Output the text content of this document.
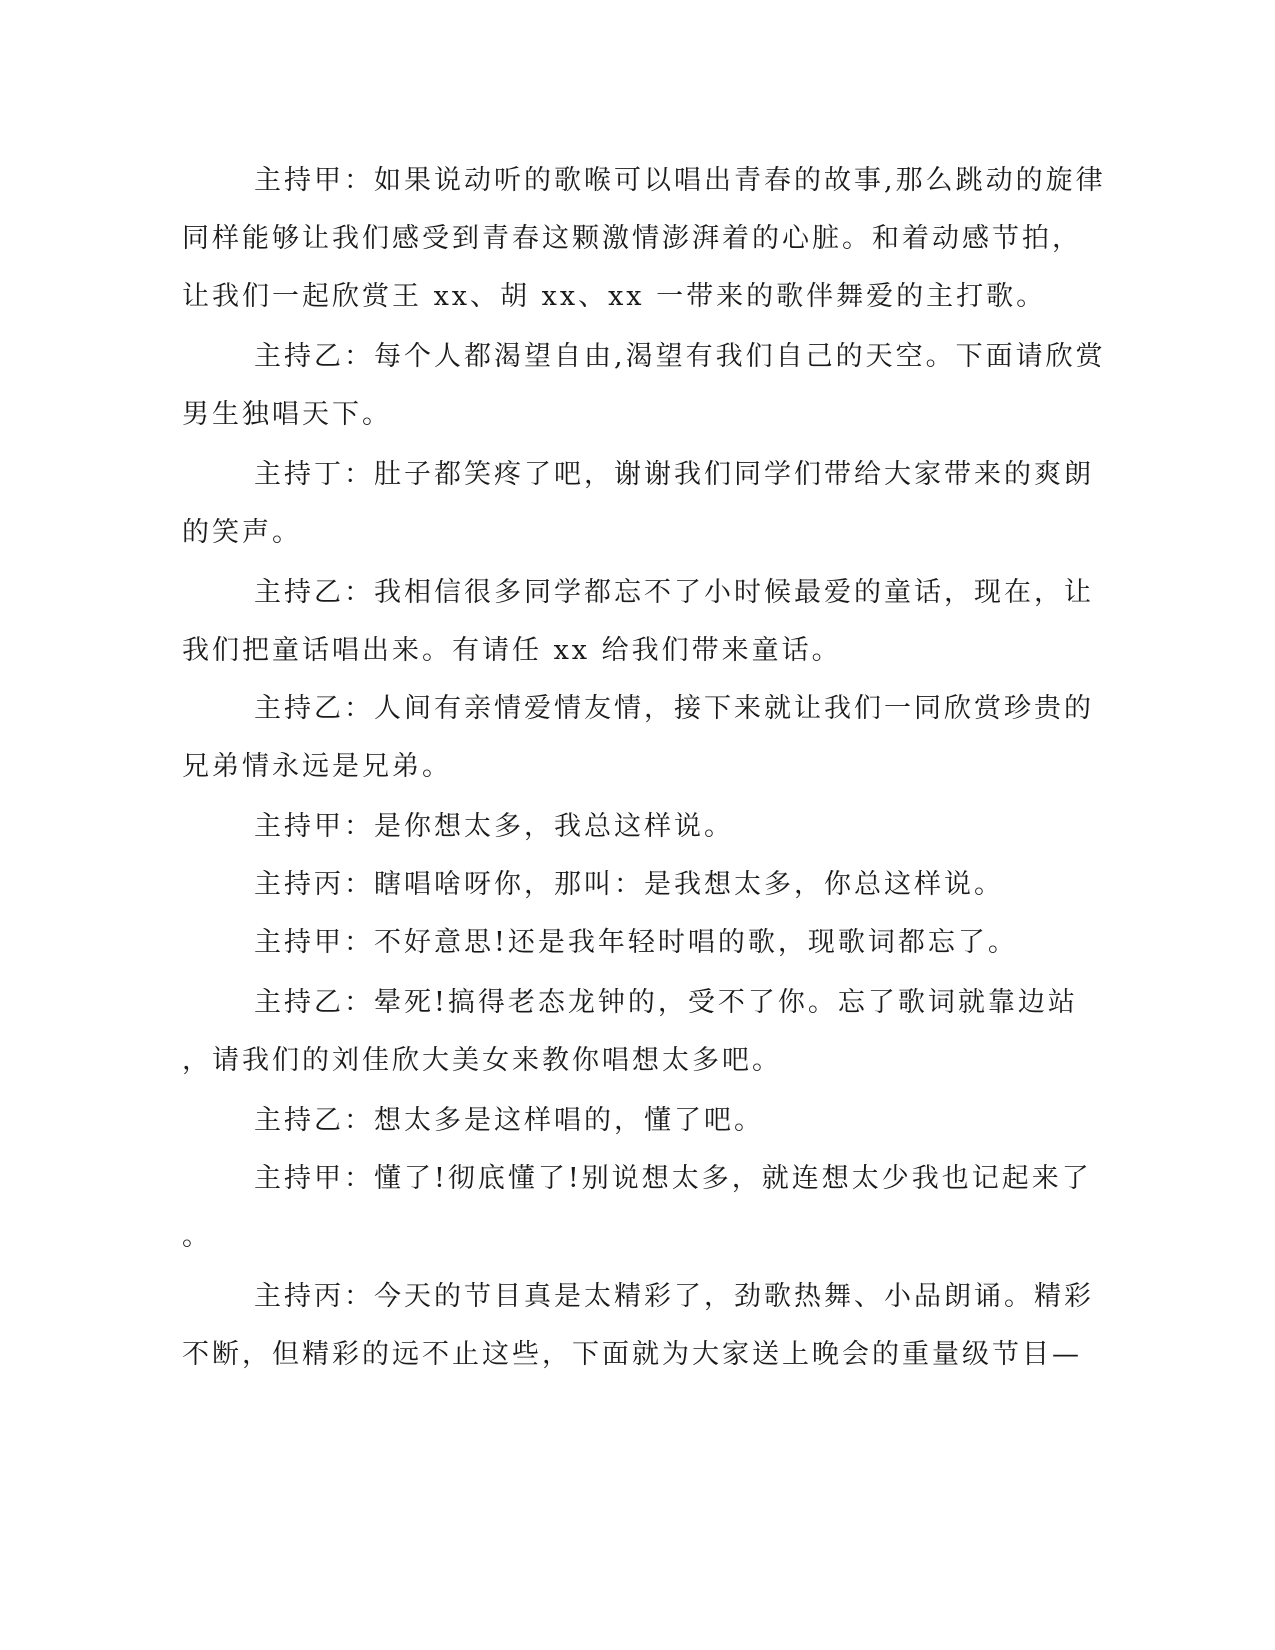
主持甲：如果说动听的歌喉可以唱出青春的故事,那么跳动的旋律
同样能够让我们感受到青春这颗激情澎湃着的心脏。和着动感节拍，
让我们一起欣赏王 xx、胡 xx、xx 一带来的歌伴舞爱的主打歌。
主持乙：每个人都渴望自由,渴望有我们自己的天空。下面请欣赏
男生独唱天下。
主持丁：肚子都笑疼了吧，谢谢我们同学们带给大家带来的爽朗
的笑声。
主持乙：我相信很多同学都忘不了小时候最爱的童话，现在，让
我们把童话唱出来。有请任 xx 给我们带来童话。
主持乙：人间有亲情爱情友情，接下来就让我们一同欣赏珍贵的
兄弟情永远是兄弟。
主持甲：是你想太多，我总这样说。
主持丙：瞎唱啥呀你，那叫：是我想太多，你总这样说。
主持甲：不好意思!还是我年轻时唱的歌，现歌词都忘了。
主持乙：晕死!搞得老态龙钟的，受不了你。忘了歌词就靠边站
，请我们的刘佳欣大美女来教你唱想太多吧。
主持乙：想太多是这样唱的，懂了吧。
主持甲：懂了!彻底懂了!别说想太多，就连想太少我也记起来了
。
主持丙：今天的节目真是太精彩了，劲歌热舞、小品朗诵。精彩
不断，但精彩的远不止这些，下面就为大家送上晚会的重量级节目—
